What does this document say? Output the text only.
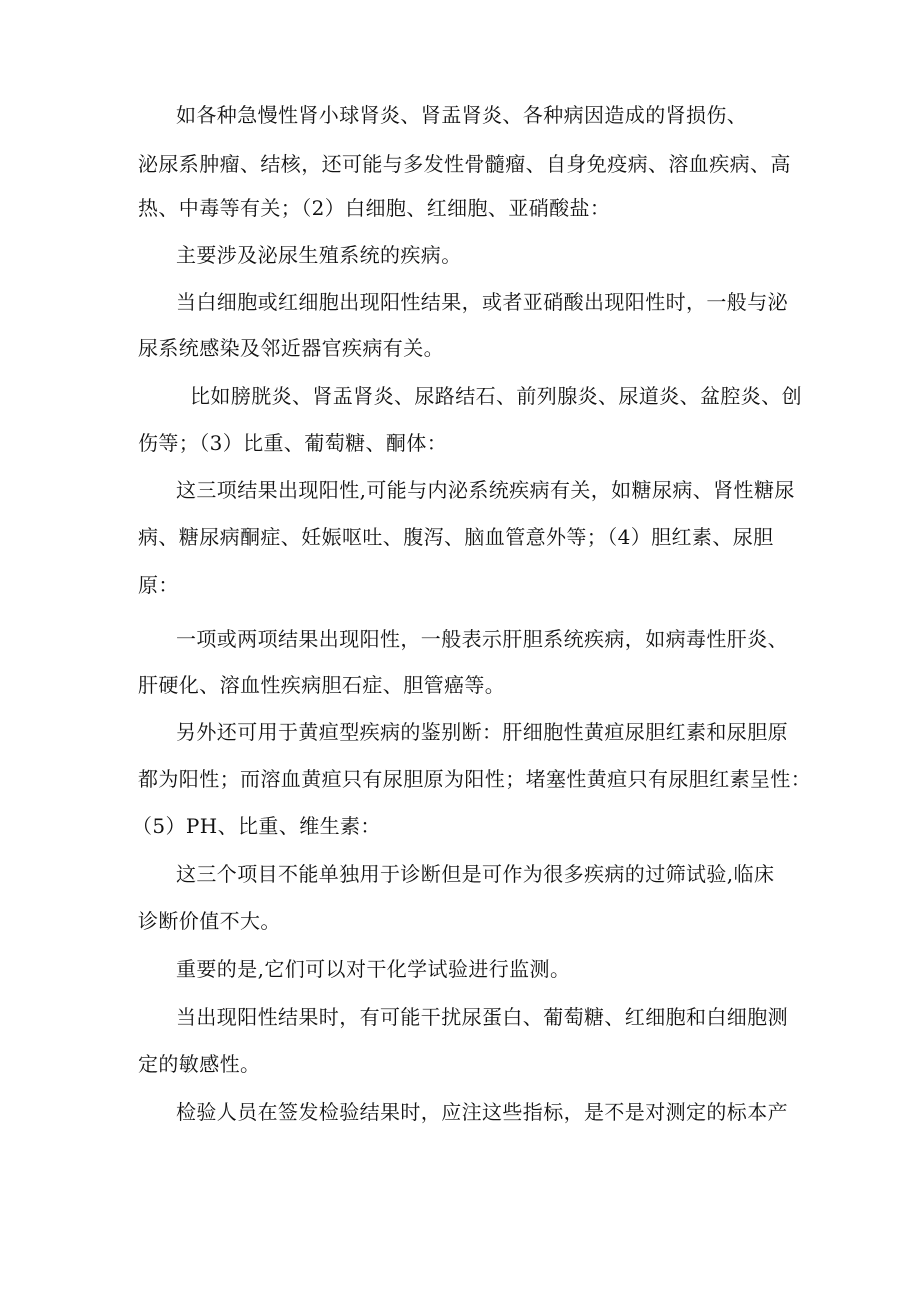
如各种急慢性肾小球肾炎、肾盂肾炎、各种病因造成的肾损伤、

泌尿系肿瘤、结核，还可能与多发性骨髓瘤、自身免疫病、溶血疾病、高

热、中毒等有关；（2）白细胞、红细胞、亚硝酸盐：

主要涉及泌尿生殖系统的疾病。

当白细胞或红细胞出现阳性结果，或者亚硝酸出现阳性时，一般与泌

尿系统感染及邻近器官疾病有关。

比如膀胱炎、肾盂肾炎、尿路结石、前列腺炎、尿道炎、盆腔炎、创

伤等；（3）比重、葡萄糖、酮体：

这三项结果出现阳性,可能与内泌系统疾病有关，如糖尿病、肾性糖尿

病、糖尿病酮症、妊娠呕吐、腹泻、脑血管意外等；（4）胆红素、尿胆

原：

一项或两项结果出现阳性，一般表示肝胆系统疾病，如病毒性肝炎、

肝硬化、溶血性疾病胆石症、胆管癌等。

另外还可用于黄疸型疾病的鉴别断：肝细胞性黄疸尿胆红素和尿胆原

都为阳性；而溶血黄疸只有尿胆原为阳性；堵塞性黄疸只有尿胆红素呈性：

（5）PH、比重、维生素：

这三个项目不能单独用于诊断但是可作为很多疾病的过筛试验,临床

诊断价值不大。

重要的是,它们可以对干化学试验进行监测。

当出现阳性结果时，有可能干扰尿蛋白、葡萄糖、红细胞和白细胞测

定的敏感性。

检验人员在签发检验结果时，应注这些指标，是不是对测定的标本产
